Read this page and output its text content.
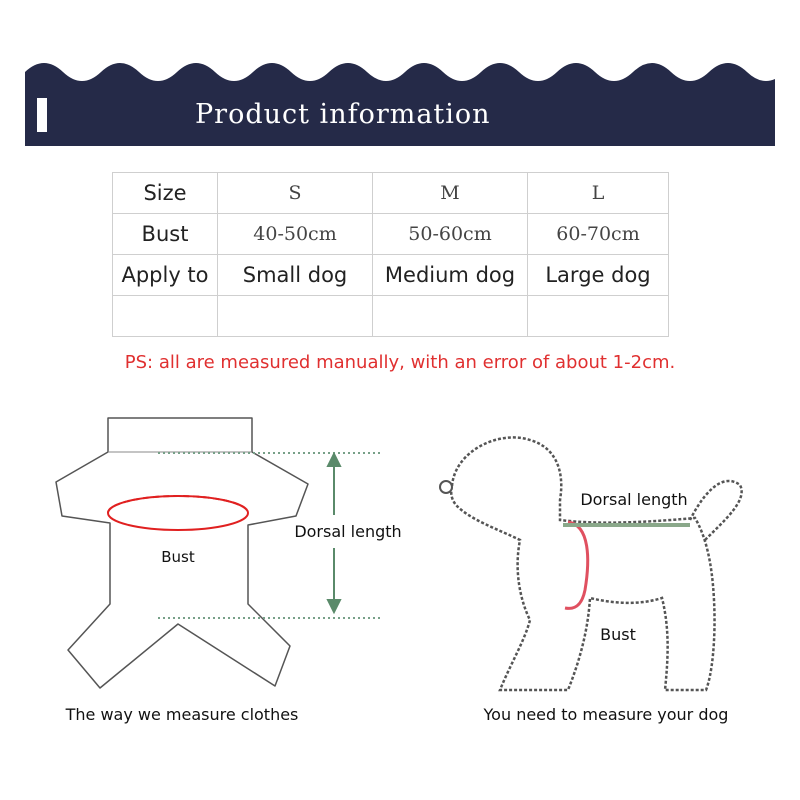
Product information
Size	S	M	L
Bust	40-50cm	50-60cm	60-70cm
Apply to	Small dog	Medium dog	Large dog

PS: all are measured manually, with an error of about 1-2cm.
Bust
Dorsal length
The way we measure clothes
Dorsal length
Bust
You need to measure your dog
